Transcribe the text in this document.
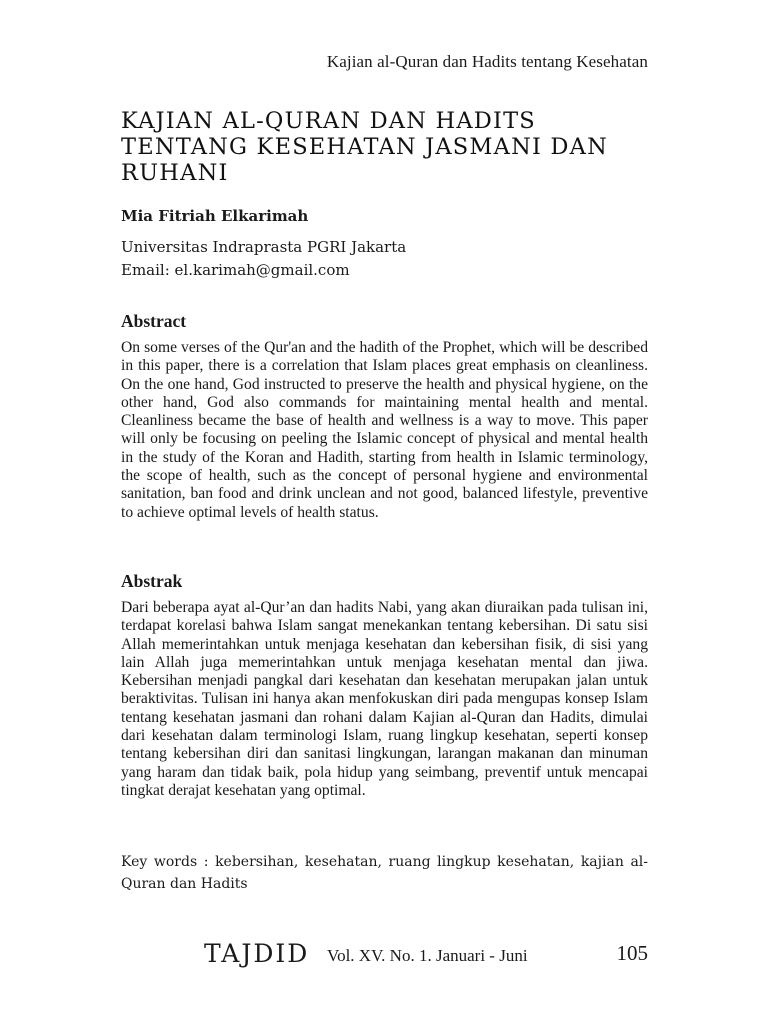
Kajian al-Quran dan Hadits tentang Kesehatan
KAJIAN AL-QURAN DAN HADITS TENTANG KESEHATAN JASMANI DAN RUHANI
Mia Fitriah Elkarimah
Universitas Indraprasta PGRI Jakarta
Email: el.karimah@gmail.com
Abstract

On some verses of the Qur'an and the hadith of the Prophet, which will be described in this paper, there is a correlation that Islam places great emphasis on cleanliness. On the one hand, God instructed to preserve the health and physical hygiene, on the other hand, God also commands for maintaining mental health and mental. Cleanliness became the base of health and wellness is a way to move. This paper will only be focusing on peeling the Islamic concept of physical and mental health in the study of the Koran and Hadith, starting from health in Islamic terminology, the scope of health, such as the concept of personal hygiene and environmental sanitation, ban food and drink unclean and not good, balanced lifestyle, preventive to achieve optimal levels of health status.

Abstrak

Dari beberapa ayat al-Qur’an dan hadits Nabi, yang akan diuraikan pada tulisan ini, terdapat korelasi bahwa Islam sangat menekankan tentang kebersihan. Di satu sisi Allah memerintahkan untuk menjaga kesehatan dan kebersihan fisik, di sisi yang lain Allah juga memerintahkan untuk menjaga kesehatan mental dan jiwa. Kebersihan menjadi pangkal dari kesehatan dan kesehatan merupakan jalan untuk beraktivitas. Tulisan ini hanya akan menfokuskan diri pada mengupas konsep Islam tentang kesehatan jasmani dan rohani dalam Kajian al-Quran dan Hadits, dimulai dari kesehatan dalam terminologi Islam, ruang lingkup kesehatan, seperti konsep tentang kebersihan diri dan sanitasi lingkungan, larangan makanan dan minuman yang haram dan tidak baik, pola hidup yang seimbang, preventif untuk mencapai tingkat derajat kesehatan yang optimal.

Key words : kebersihan, kesehatan, ruang lingkup kesehatan, kajian al-Quran dan Hadits

TAJDID Vol. XV. No. 1. Januari - Juni	105
